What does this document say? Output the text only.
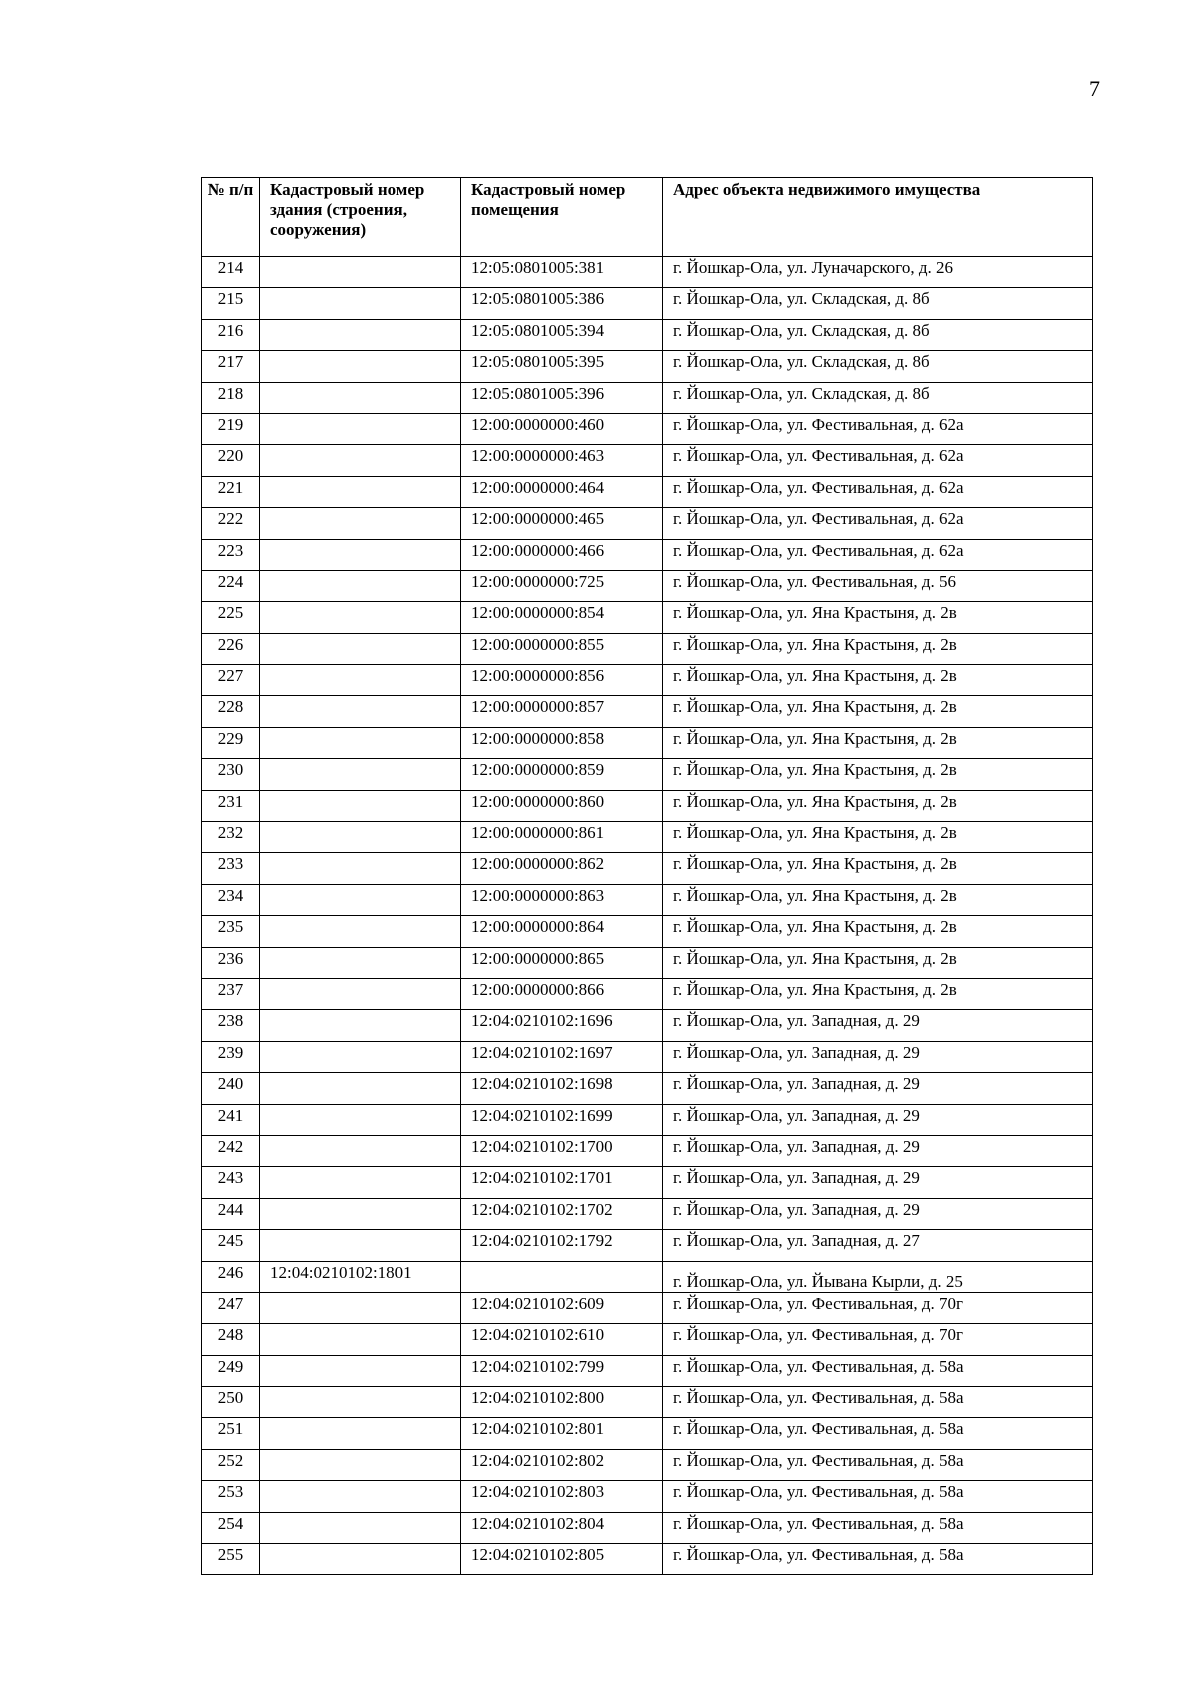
7
№ п/п	Кадастровый номер здания (строения, сооружения)	Кадастровый номер помещения	Адрес объекта недвижимого имущества
214		12:05:0801005:381	г. Йошкар-Ола, ул. Луначарского, д. 26
215		12:05:0801005:386	г. Йошкар-Ола, ул. Складская, д. 8б
216		12:05:0801005:394	г. Йошкар-Ола, ул. Складская, д. 8б
217		12:05:0801005:395	г. Йошкар-Ола, ул. Складская, д. 8б
218		12:05:0801005:396	г. Йошкар-Ола, ул. Складская, д. 8б
219		12:00:0000000:460	г. Йошкар-Ола, ул. Фестивальная, д. 62а
220		12:00:0000000:463	г. Йошкар-Ола, ул. Фестивальная, д. 62а
221		12:00:0000000:464	г. Йошкар-Ола, ул. Фестивальная, д. 62а
222		12:00:0000000:465	г. Йошкар-Ола, ул. Фестивальная, д. 62а
223		12:00:0000000:466	г. Йошкар-Ола, ул. Фестивальная, д. 62а
224		12:00:0000000:725	г. Йошкар-Ола, ул. Фестивальная, д. 56
225		12:00:0000000:854	г. Йошкар-Ола, ул. Яна Крастыня, д. 2в
226		12:00:0000000:855	г. Йошкар-Ола, ул. Яна Крастыня, д. 2в
227		12:00:0000000:856	г. Йошкар-Ола, ул. Яна Крастыня, д. 2в
228		12:00:0000000:857	г. Йошкар-Ола, ул. Яна Крастыня, д. 2в
229		12:00:0000000:858	г. Йошкар-Ола, ул. Яна Крастыня, д. 2в
230		12:00:0000000:859	г. Йошкар-Ола, ул. Яна Крастыня, д. 2в
231		12:00:0000000:860	г. Йошкар-Ола, ул. Яна Крастыня, д. 2в
232		12:00:0000000:861	г. Йошкар-Ола, ул. Яна Крастыня, д. 2в
233		12:00:0000000:862	г. Йошкар-Ола, ул. Яна Крастыня, д. 2в
234		12:00:0000000:863	г. Йошкар-Ола, ул. Яна Крастыня, д. 2в
235		12:00:0000000:864	г. Йошкар-Ола, ул. Яна Крастыня, д. 2в
236		12:00:0000000:865	г. Йошкар-Ола, ул. Яна Крастыня, д. 2в
237		12:00:0000000:866	г. Йошкар-Ола, ул. Яна Крастыня, д. 2в
238		12:04:0210102:1696	г. Йошкар-Ола, ул. Западная, д. 29
239		12:04:0210102:1697	г. Йошкар-Ола, ул. Западная, д. 29
240		12:04:0210102:1698	г. Йошкар-Ола, ул. Западная, д. 29
241		12:04:0210102:1699	г. Йошкар-Ола, ул. Западная, д. 29
242		12:04:0210102:1700	г. Йошкар-Ола, ул. Западная, д. 29
243		12:04:0210102:1701	г. Йошкар-Ола, ул. Западная, д. 29
244		12:04:0210102:1702	г. Йошкар-Ола, ул. Западная, д. 29
245		12:04:0210102:1792	г. Йошкар-Ола, ул. Западная, д. 27
246	12:04:0210102:1801		г. Йошкар-Ола, ул. Йывана Кырли, д. 25
247		12:04:0210102:609	г. Йошкар-Ола, ул. Фестивальная, д. 70г
248		12:04:0210102:610	г. Йошкар-Ола, ул. Фестивальная, д. 70г
249		12:04:0210102:799	г. Йошкар-Ола, ул. Фестивальная, д. 58а
250		12:04:0210102:800	г. Йошкар-Ола, ул. Фестивальная, д. 58а
251		12:04:0210102:801	г. Йошкар-Ола, ул. Фестивальная, д. 58а
252		12:04:0210102:802	г. Йошкар-Ола, ул. Фестивальная, д. 58а
253		12:04:0210102:803	г. Йошкар-Ола, ул. Фестивальная, д. 58а
254		12:04:0210102:804	г. Йошкар-Ола, ул. Фестивальная, д. 58а
255		12:04:0210102:805	г. Йошкар-Ола, ул. Фестивальная, д. 58а
